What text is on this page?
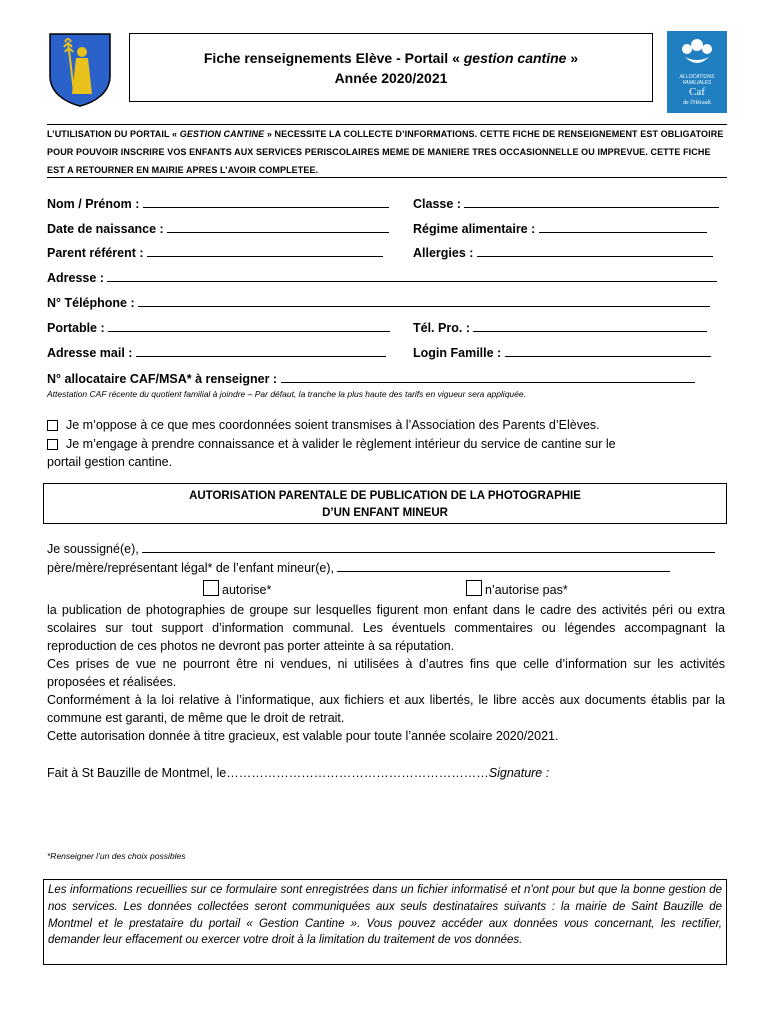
Fiche renseignements Elève - Portail « gestion cantine »
Année 2020/2021	ALLOCATIONS
FAMILIALES
Caf
de l'Hérault
L’UTILISATION DU PORTAIL « GESTION CANTINE » NECESSITE LA COLLECTE D’INFORMATIONS. CETTE FICHE DE RENSEIGNEMENT EST OBLIGATOIRE POUR POUVOIR INSCRIRE VOS ENFANTS AUX SERVICES PERISCOLAIRES MEME DE MANIERE TRES OCCASIONNELLE OU IMPREVUE. CETTE FICHE EST A RETOURNER EN MAIRIE APRES L’AVOIR COMPLETEE.
Nom / Prénom :	Classe :
Date de naissance :	Régime alimentaire :
Parent référent :	Allergies :
Adresse :
N° Téléphone :
Portable :	Tél. Pro. :
Adresse mail :	Login Famille :
N° allocataire CAF/MSA* à renseigner :
Attestation CAF récente du quotient familial à joindre – Par défaut, la tranche la plus haute des tarifs en vigueur sera appliquée.
Je m’oppose à ce que mes coordonnées soient transmises à l’Association des Parents d’Elèves.
Je m’engage à prendre connaissance et à valider le règlement intérieur du service de cantine sur le
portail gestion cantine.
AUTORISATION PARENTALE DE PUBLICATION DE LA PHOTOGRAPHIE
D’UN ENFANT MINEUR
Je soussigné(e),
père/mère/représentant légal* de l’enfant mineur(e),
autorise*	n’autorise pas*
la publication de photographies de groupe sur lesquelles figurent mon enfant dans le cadre des activités péri ou extra scolaires sur tout support d’information communal. Les éventuels commentaires ou légendes accompagnant la reproduction de ces photos ne devront pas porter atteinte à sa réputation.
Ces prises de vue ne pourront être ni vendues, ni utilisées à d’autres fins que celle d’information sur les activités proposées et réalisées.
Conformément à la loi relative à l’informatique, aux fichiers et aux libertés, le libre accès aux documents établis par la commune est garanti, de même que le droit de retrait.
Cette autorisation donnée à titre gracieux, est valable pour toute l’année scolaire 2020/2021.
Fait à St Bauzille de Montmel, le………………………………………………………Signature :
*Renseigner l’un des choix possibles
Les informations recueillies sur ce formulaire sont enregistrées dans un fichier informatisé et n'ont pour but que la bonne gestion de nos services. Les données collectées seront communiquées aux seuls destinataires suivants : la mairie de Saint Bauzille de Montmel et le prestataire du portail « Gestion Cantine ». Vous pouvez accéder aux données vous concernant, les rectifier, demander leur effacement ou exercer votre droit à la limitation du traitement de vos données.
